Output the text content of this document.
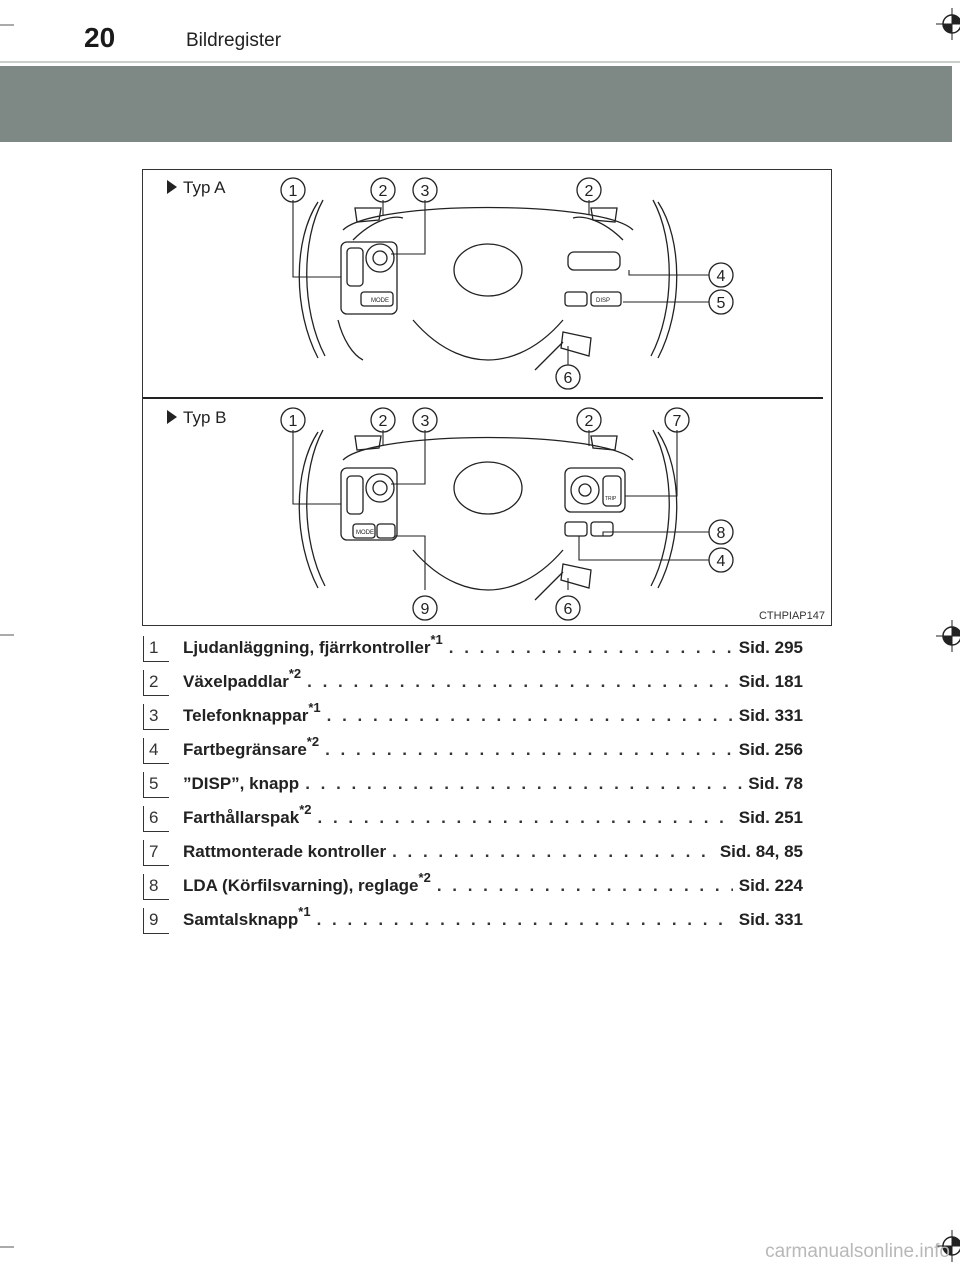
20	Bildregister
MODE	DISP
MODE
TRIP
1	2 3	2
4
5
6
1	2 3	2	7
8
4
9	6
Typ A
Typ B
CTHPIAP147
1 Ljudanläggning, fjärrkontroller$^{*1}$ . . .	Sid. 295
2 Växelpaddlar$^{*2}$ . . .	Sid. 181
3 Telefonknappar$^{*1}$ . . .	Sid. 331
4 Fartbegränsare$^{*2}$ . . .	Sid. 256
5 ”DISP”, knapp . . .	Sid. 78
6 Farthållarspak$^{*2}$ . . .	Sid. 251
7 Rattmonterade kontroller . . .	Sid. 84, 85
8 LDA (Körfilsvarning), reglage$^{*2}$ . . .	Sid. 224
9 Samtalsknapp$^{*1}$ . . .	Sid. 331
carmanualsonline.info
